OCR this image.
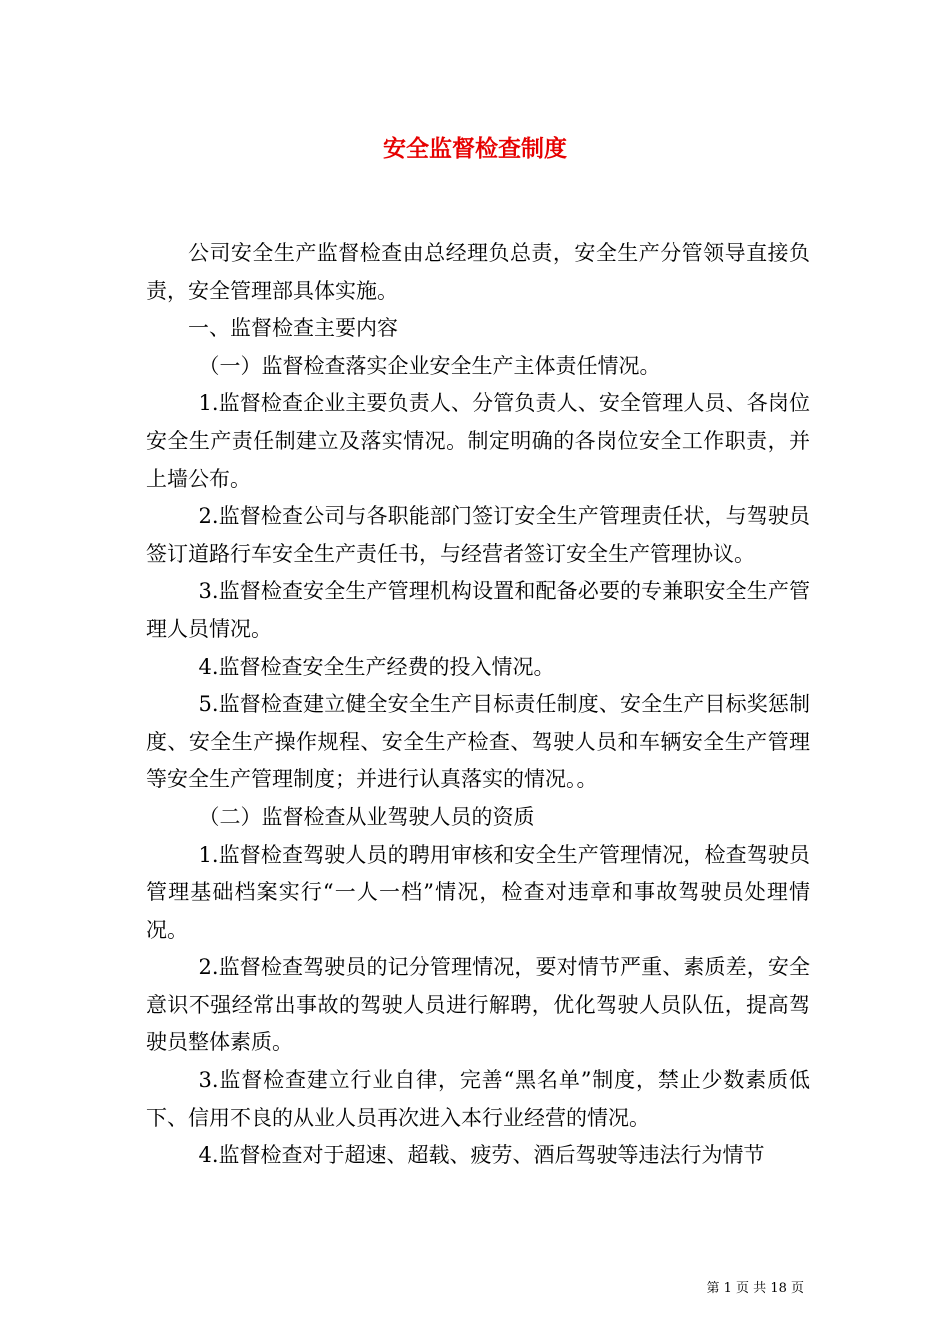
安全监督检查制度

公司安全生产监督检查由总经理负总责，安全生产分管领导直接负责，安全管理部具体实施。

一、监督检查主要内容

（一）监督检查落实企业安全生产主体责任情况。

1.监督检查企业主要负责人、分管负责人、安全管理人员、各岗位安全生产责任制建立及落实情况。制定明确的各岗位安全工作职责，并上墙公布。

2.监督检查公司与各职能部门签订安全生产管理责任状，与驾驶员签订道路行车安全生产责任书，与经营者签订安全生产管理协议。

3.监督检查安全生产管理机构设置和配备必要的专兼职安全生产管理人员情况。

4.监督检查安全生产经费的投入情况。

5.监督检查建立健全安全生产目标责任制度、安全生产目标奖惩制度、安全生产操作规程、安全生产检查、驾驶人员和车辆安全生产管理等安全生产管理制度；并进行认真落实的情况。。

（二）监督检查从业驾驶人员的资质

1.监督检查驾驶人员的聘用审核和安全生产管理情况，检查驾驶员管理基础档案实行“一人一档”情况，检查对违章和事故驾驶员处理情况。

2.监督检查驾驶员的记分管理情况，要对情节严重、素质差，安全意识不强经常出事故的驾驶人员进行解聘，优化驾驶人员队伍，提高驾驶员整体素质。

3.监督检查建立行业自律，完善“黑名单”制度，禁止少数素质低下、信用不良的从业人员再次进入本行业经营的情况。

4.监督检查对于超速、超载、疲劳、酒后驾驶等违法行为情节

第 1 页 共 18 页
